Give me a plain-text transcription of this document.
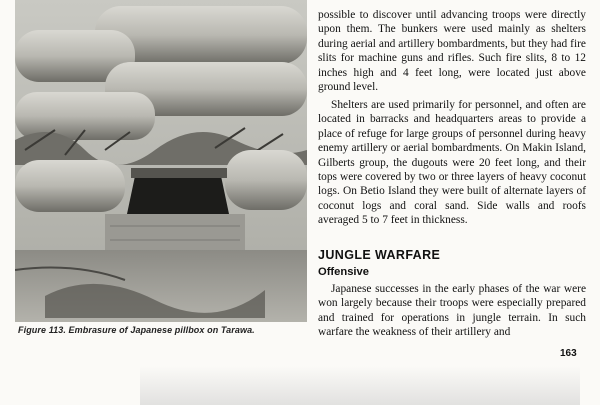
Figure 113. Embrasure of Japanese pillbox on Tarawa.

possible to discover until advancing troops were directly upon them. The bunkers were used mainly as shelters during aerial and artillery bombardments, but they had fire slits for machine guns and rifles. Such fire slits, 8 to 12 inches high and 4 feet long, were located just above ground level.

Shelters are used primarily for personnel, and often are located in barracks and headquarters areas to provide a place of refuge for large groups of personnel during heavy enemy artillery or aerial bombardments. On Makin Island, Gilberts group, the dugouts were 20 feet long, and their tops were covered by two or three layers of heavy coconut logs. On Betio Island they were built of alternate layers of coconut logs and coral sand. Side walls and roofs averaged 5 to 7 feet in thickness.

JUNGLE WARFARE
Offensive

Japanese successes in the early phases of the war were won largely because their troops were especially prepared and trained for operations in jungle terrain. In such warfare the weakness of their artillery and

163
